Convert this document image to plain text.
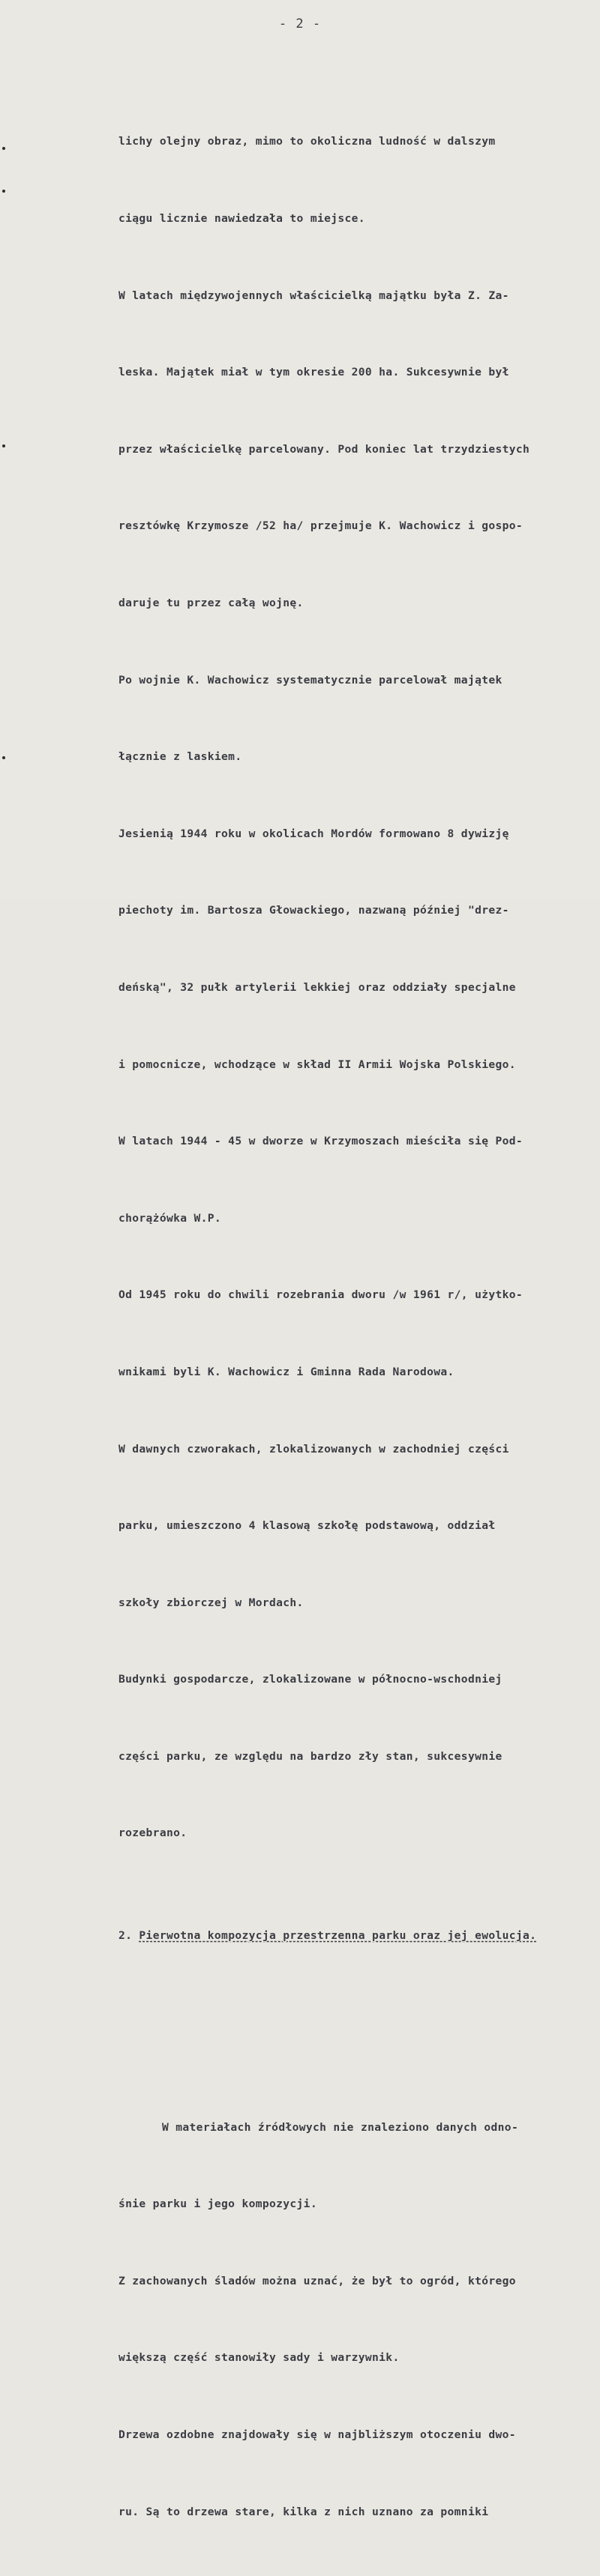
- 2 -

lichy olejny obraz, mimo to okoliczna ludność w dalszym

ciągu licznie nawiedzała to miejsce.

W latach międzywojennych właścicielką majątku była Z. Za-

leska. Majątek miał w tym okresie 200 ha. Sukcesywnie był

przez właścicielkę parcelowany. Pod koniec lat trzydziestych

resztówkę Krzymosze /52 ha/ przejmuje K. Wachowicz i gospo-

daruje tu przez całą wojnę.

Po wojnie K. Wachowicz systematycznie parcelował majątek

łącznie z laskiem.

Jesienią 1944 roku w okolicach Mordów formowano 8 dywizję

piechoty im. Bartosza Głowackiego, nazwaną później "drez-

deńską", 32 pułk artylerii lekkiej oraz oddziały specjalne

i pomocnicze, wchodzące w skład II Armii Wojska Polskiego.

W latach 1944 - 45 w dworze w Krzymoszach mieściła się Pod-

chorążówka W.P.

Od 1945 roku do chwili rozebrania dworu /w 1961 r/, użytko-

wnikami byli K. Wachowicz i Gminna Rada Narodowa.

W dawnych czworakach, zlokalizowanych w zachodniej części

parku, umieszczono 4 klasową szkołę podstawową, oddział

szkoły zbiorczej w Mordach.

Budynki gospodarcze, zlokalizowane w północno-wschodniej

części parku, ze względu na bardzo zły stan, sukcesywnie

rozebrano.

2. Pierwotna kompozycja przestrzenna parku oraz jej ewolucja.

W materiałach źródłowych nie znaleziono danych odno-

śnie parku i jego kompozycji.

Z zachowanych śladów można uznać, że był to ogród, którego

większą część stanowiły sady i warzywnik.

Drzewa ozdobne znajdowały się w najbliższym otoczeniu dwo-

ru. Są to drzewa stare, kilka z nich uznano za pomniki
